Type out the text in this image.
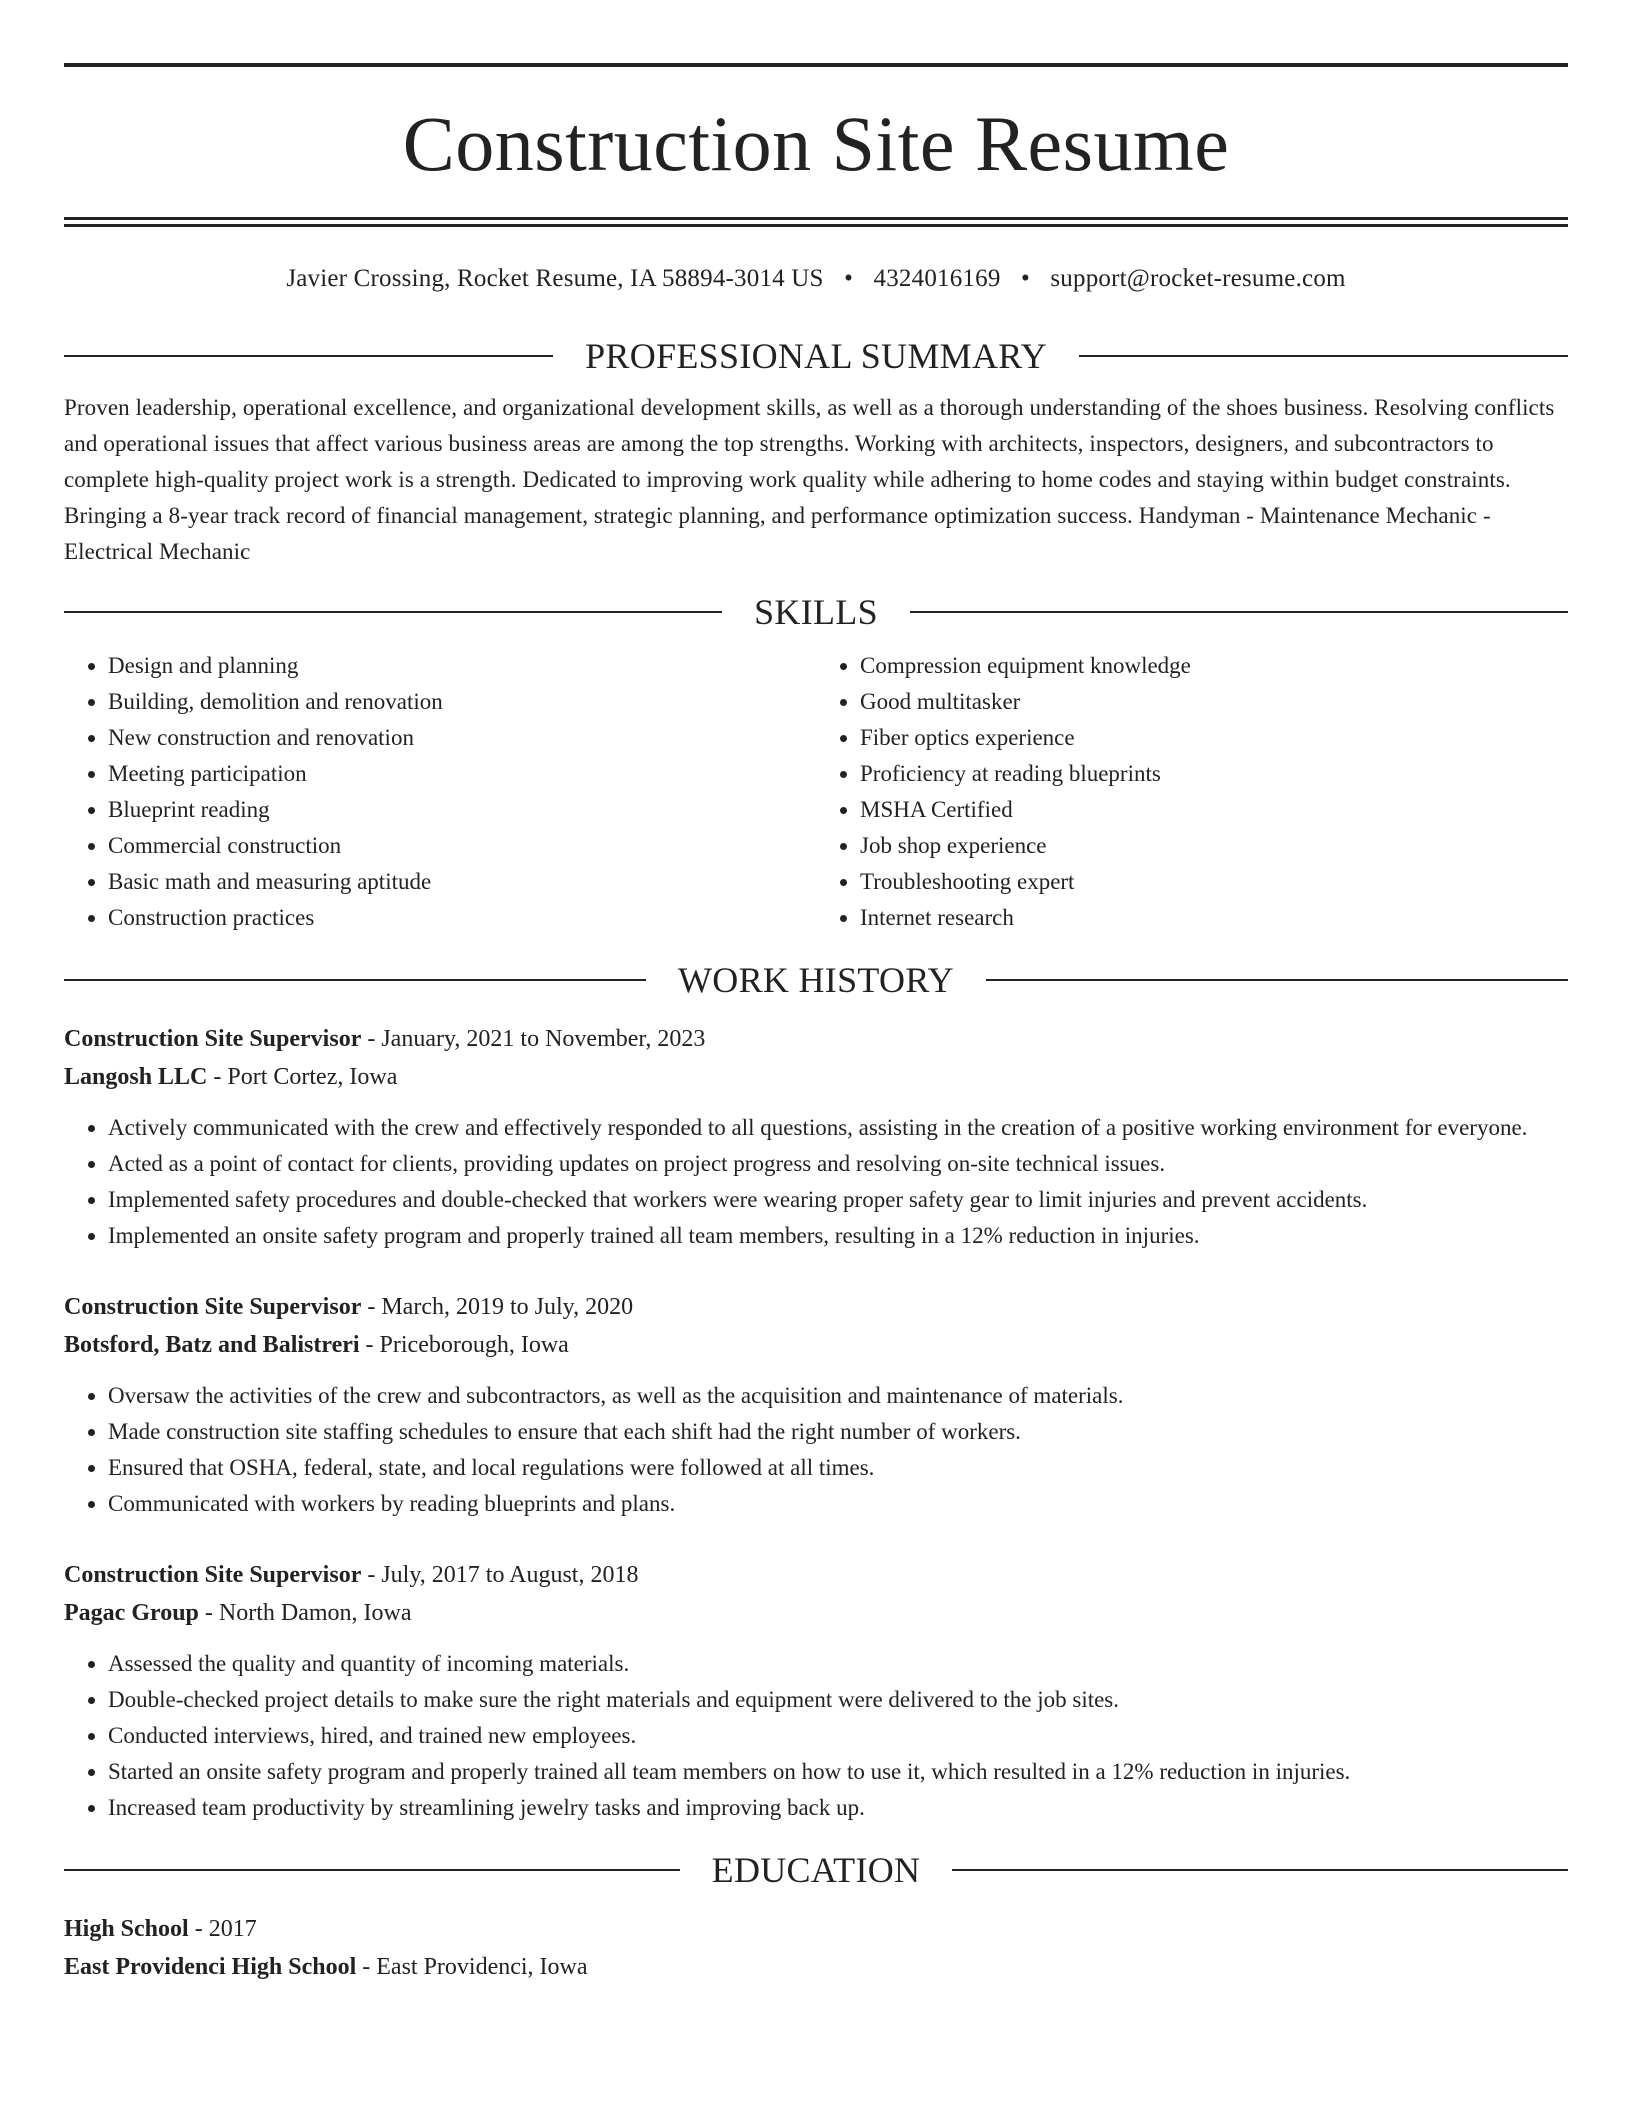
Construction Site Resume
Javier Crossing, Rocket Resume, IA 58894-3014 US • 4324016169 • support@rocket-resume.com
PROFESSIONAL SUMMARY
Proven leadership, operational excellence, and organizational development skills, as well as a thorough understanding of the shoes business. Resolving conflicts and operational issues that affect various business areas are among the top strengths. Working with architects, inspectors, designers, and subcontractors to complete high-quality project work is a strength. Dedicated to improving work quality while adhering to home codes and staying within budget constraints. Bringing a 8-year track record of financial management, strategic planning, and performance optimization success. Handyman - Maintenance Mechanic - Electrical Mechanic
SKILLS
• Design and planning
• Building, demolition and renovation
• New construction and renovation
• Meeting participation
• Blueprint reading
• Commercial construction
• Basic math and measuring aptitude
• Construction practices
• Compression equipment knowledge
• Good multitasker
• Fiber optics experience
• Proficiency at reading blueprints
• MSHA Certified
• Job shop experience
• Troubleshooting expert
• Internet research
WORK HISTORY
Construction Site Supervisor - January, 2021 to November, 2023
Langosh LLC - Port Cortez, Iowa
• Actively communicated with the crew and effectively responded to all questions, assisting in the creation of a positive working environment for everyone.
• Acted as a point of contact for clients, providing updates on project progress and resolving on-site technical issues.
• Implemented safety procedures and double-checked that workers were wearing proper safety gear to limit injuries and prevent accidents.
• Implemented an onsite safety program and properly trained all team members, resulting in a 12% reduction in injuries.
Construction Site Supervisor - March, 2019 to July, 2020
Botsford, Batz and Balistreri - Priceborough, Iowa
• Oversaw the activities of the crew and subcontractors, as well as the acquisition and maintenance of materials.
• Made construction site staffing schedules to ensure that each shift had the right number of workers.
• Ensured that OSHA, federal, state, and local regulations were followed at all times.
• Communicated with workers by reading blueprints and plans.
Construction Site Supervisor - July, 2017 to August, 2018
Pagac Group - North Damon, Iowa
• Assessed the quality and quantity of incoming materials.
• Double-checked project details to make sure the right materials and equipment were delivered to the job sites.
• Conducted interviews, hired, and trained new employees.
• Started an onsite safety program and properly trained all team members on how to use it, which resulted in a 12% reduction in injuries.
• Increased team productivity by streamlining jewelry tasks and improving back up.
EDUCATION
High School - 2017
East Providenci High School - East Providenci, Iowa
